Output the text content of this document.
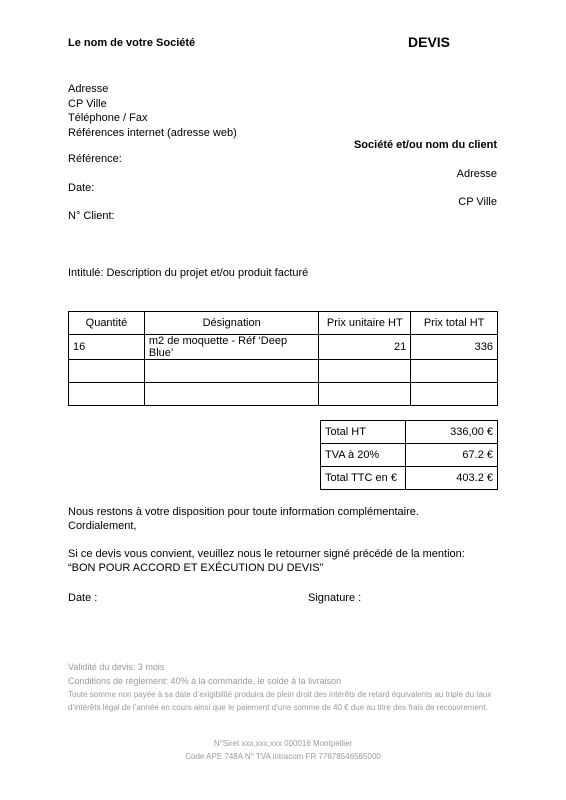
Le nom de votre Société	DEVIS
Adresse
CP Ville
Téléphone / Fax
Références internet (adresse web)
Société et/ou nom du client
Référence:
Adresse
Date:
CP Ville
N° Client:
Intitulé: Description du projet et/ou produit facturé
Quantité	Désignation	Prix unitaire HT	Prix total HT
16	m2 de moquette - Réf ‘Deep Blue’	21	336

Total HT	336,00 €
TVA à 20%	67.2 €
Total TTC en €	403.2 €
Nous restons à votre disposition pour toute information complémentaire.
Cordialement,
Si ce devis vous convient, veuillez nous le retourner signé précédé de la mention:
“BON POUR ACCORD ET EXÉCUTION DU DEVIS”
Date :	Signature :
Validité du devis: 3 mois
Conditions de règlement: 40% à la commande, le solde à la livraison
Toute somme non payée à sa date d’exigibilité produira de plein droit des intérêts de retard équivalents au triple du taux d’intérêts légal de l’année en cours ainsi que le paiement d’une somme de 40 € due au titre des frais de recouvrement.
N°Siret xxx,xxx,xxx 000016 Montpellier
Code APE 748A N° TVA intracom FR 77678546565000
